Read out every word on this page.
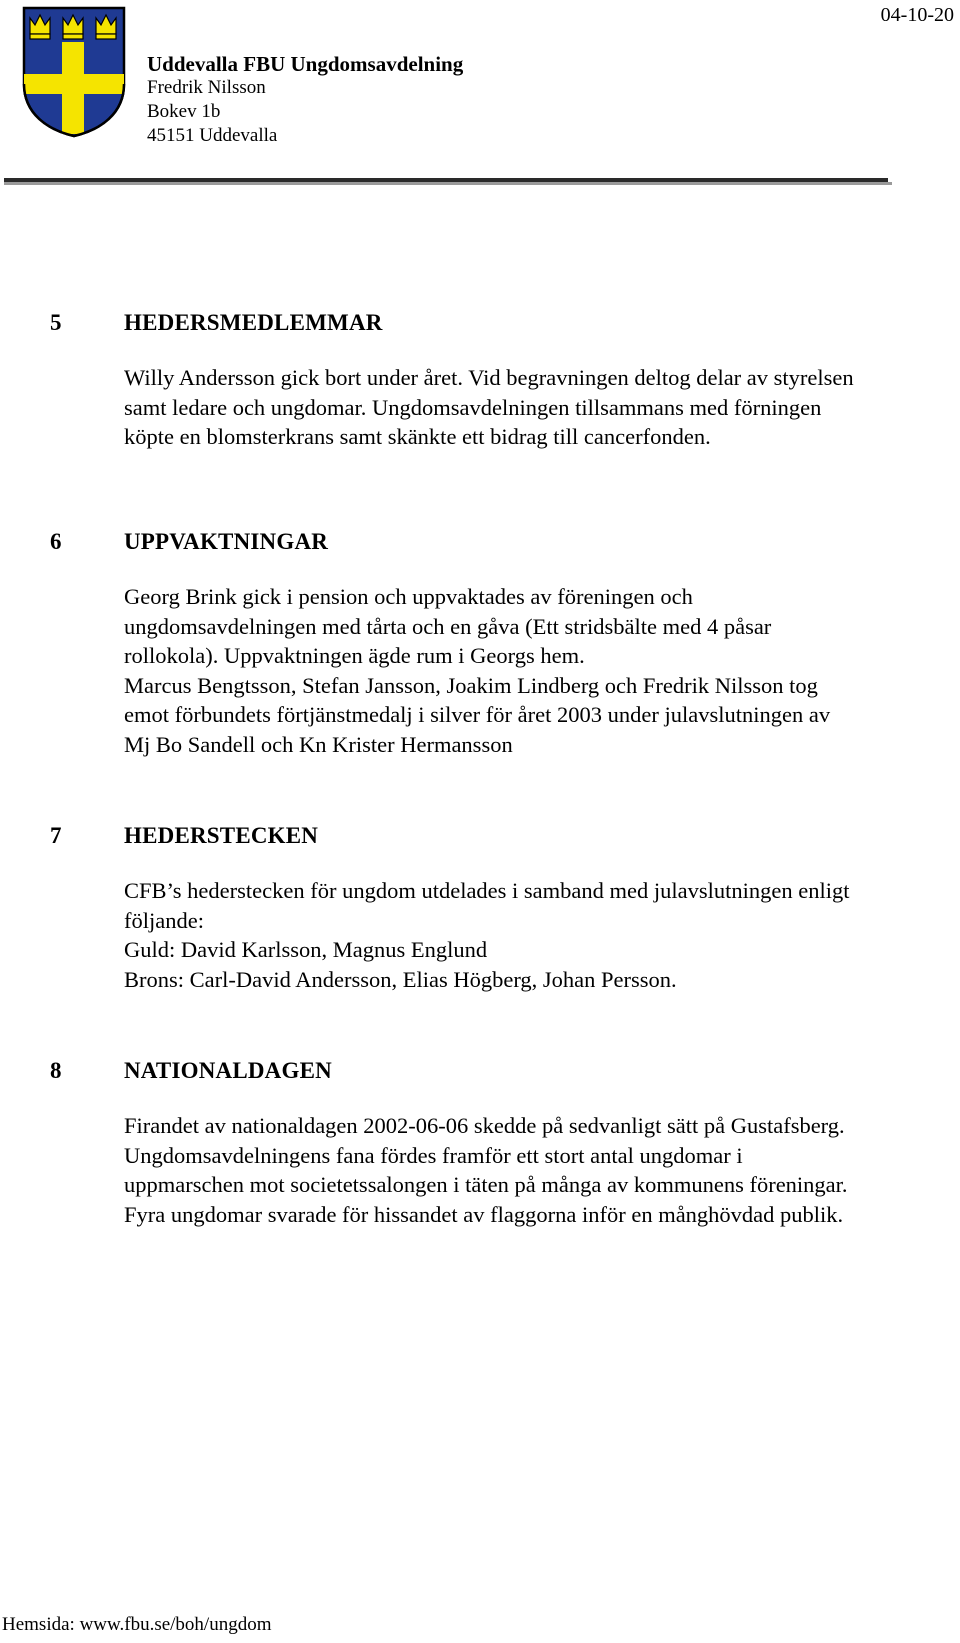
Uddevalla FBU Ungdomsavdelning
Fredrik Nilsson
Bokev 1b
45151 Uddevalla
04-10-20
5	HEDERSMEDLEMMAR
Willy Andersson gick bort under året. Vid begravningen deltog delar av styrelsen
samt ledare och ungdomar. Ungdomsavdelningen tillsammans med förningen
köpte en blomsterkrans samt skänkte ett bidrag till cancerfonden.
6	UPPVAKTNINGAR
Georg Brink gick i pension och uppvaktades av föreningen och
ungdomsavdelningen med tårta och en gåva (Ett stridsbälte med 4 påsar
rollokola). Uppvaktningen ägde rum i Georgs hem.
Marcus Bengtsson, Stefan Jansson, Joakim Lindberg och Fredrik Nilsson tog
emot förbundets förtjänstmedalj i silver för året 2003 under julavslutningen av
Mj Bo Sandell och Kn Krister Hermansson
7	HEDERSTECKEN
CFB’s hederstecken för ungdom utdelades i samband med julavslutningen enligt
följande:
Guld: David Karlsson, Magnus Englund
Brons: Carl-David Andersson, Elias Högberg, Johan Persson.
8	NATIONALDAGEN
Firandet av nationaldagen 2002-06-06 skedde på sedvanligt sätt på Gustafsberg.
Ungdomsavdelningens fana fördes framför ett stort antal ungdomar i
uppmarschen mot societetssalongen i täten på många av kommunens föreningar.
Fyra ungdomar svarade för hissandet av flaggorna inför en månghövdad publik.
Hemsida: www.fbu.se/boh/ungdom
